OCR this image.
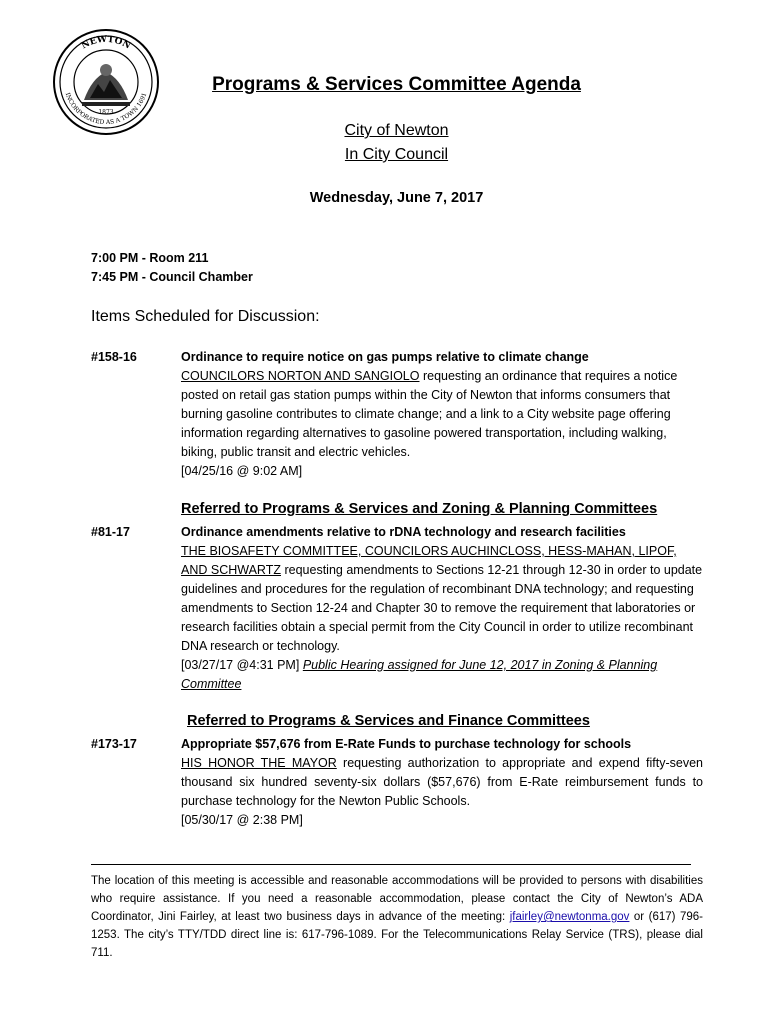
NEWTON
INCORPORATED AS A TOWN 1691
1873
Programs & Services Committee Agenda
City of Newton
In City Council
Wednesday, June 7, 2017
7:00 PM - Room 211
7:45 PM - Council Chamber
Items Scheduled for Discussion:
#158-16	Ordinance to require notice on gas pumps relative to climate change
COUNCILORS NORTON AND SANGIOLO requesting an ordinance that requires a notice posted on retail gas station pumps within the City of Newton that informs consumers that burning gasoline contributes to climate change; and a link to a City website page offering information regarding alternatives to gasoline powered transportation, including walking, biking, public transit and electric vehicles.
[04/25/16 @ 9:02 AM]
Referred to Programs & Services and Zoning & Planning Committees
#81-17	Ordinance amendments relative to rDNA technology and research facilities
THE BIOSAFETY COMMITTEE, COUNCILORS AUCHINCLOSS, HESS-MAHAN, LIPOF, AND SCHWARTZ requesting amendments to Sections 12-21 through 12-30 in order to update guidelines and procedures for the regulation of recombinant DNA technology; and requesting amendments to Section 12-24 and Chapter 30 to remove the requirement that laboratories or research facilities obtain a special permit from the City Council in order to utilize recombinant DNA research or technology.
[03/27/17 @4:31 PM] Public Hearing assigned for June 12, 2017 in Zoning & Planning Committee
Referred to Programs & Services and Finance Committees
#173-17	Appropriate $57,676 from E-Rate Funds to purchase technology for schools
HIS HONOR THE MAYOR requesting authorization to appropriate and expend fifty-seven thousand six hundred seventy-six dollars ($57,676) from E-Rate reimbursement funds to purchase technology for the Newton Public Schools.
[05/30/17 @ 2:38 PM]
The location of this meeting is accessible and reasonable accommodations will be provided to persons with disabilities who require assistance. If you need a reasonable accommodation, please contact the City of Newton’s ADA Coordinator, Jini Fairley, at least two business days in advance of the meeting: jfairley@newtonma.gov or (617) 796-1253. The city’s TTY/TDD direct line is: 617-796-1089. For the Telecommunications Relay Service (TRS), please dial 711.
